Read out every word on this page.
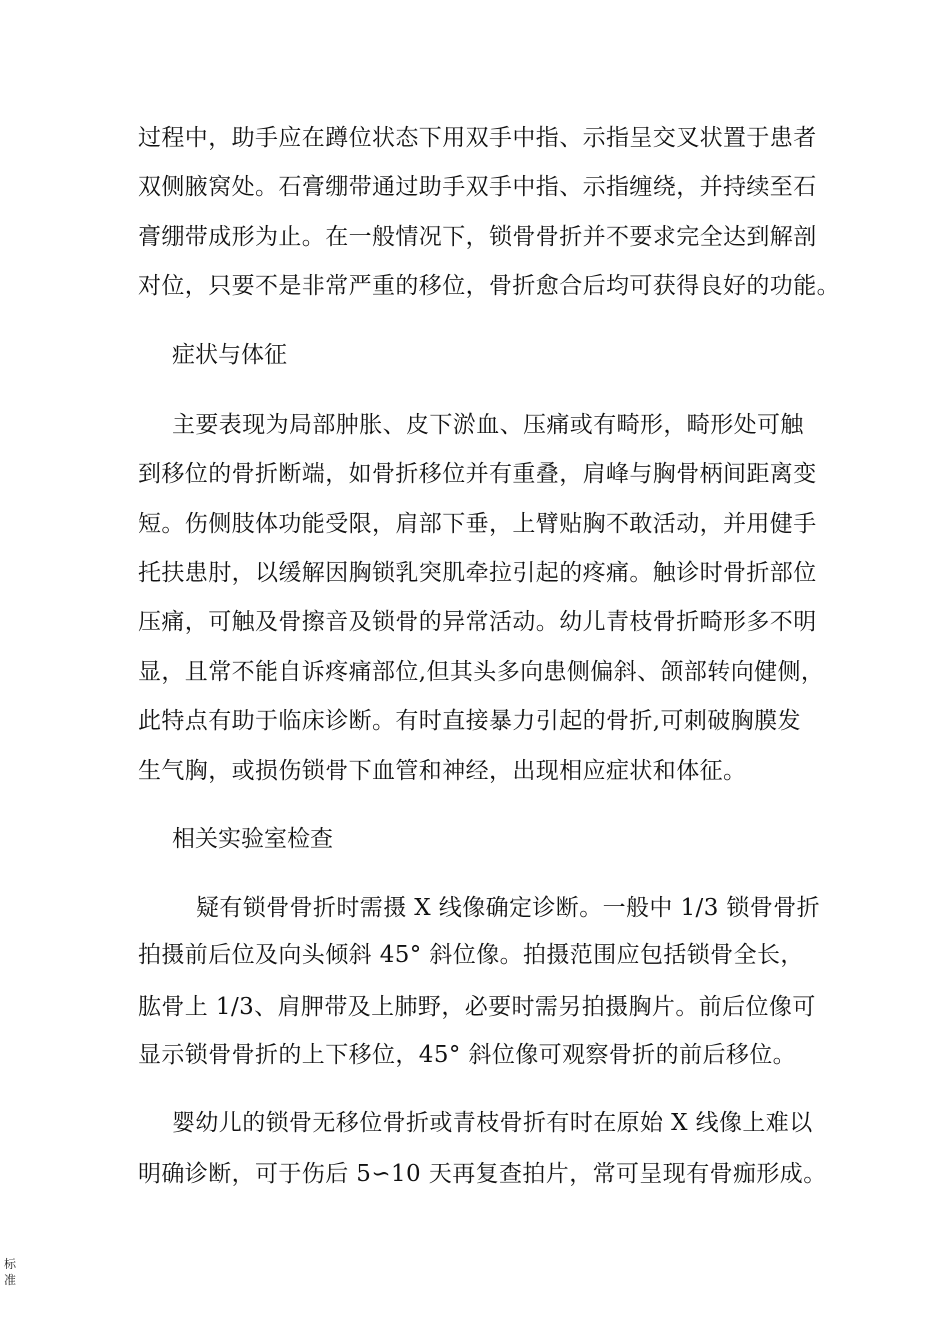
过程中，助手应在蹲位状态下用双手中指、示指呈交叉状置于患者
双侧腋窝处。石膏绷带通过助手双手中指、示指缠绕，并持续至石
膏绷带成形为止。在一般情况下，锁骨骨折并不要求完全达到解剖
对位，只要不是非常严重的移位，骨折愈合后均可获得良好的功能。
症状与体征
主要表现为局部肿胀、皮下淤血、压痛或有畸形，畸形处可触
到移位的骨折断端，如骨折移位并有重叠，肩峰与胸骨柄间距离变
短。伤侧肢体功能受限，肩部下垂，上臂贴胸不敢活动，并用健手
托扶患肘，以缓解因胸锁乳突肌牵拉引起的疼痛。触诊时骨折部位
压痛，可触及骨擦音及锁骨的异常活动。幼儿青枝骨折畸形多不明
显，且常不能自诉疼痛部位,但其头多向患侧偏斜、颌部转向健侧，
此特点有助于临床诊断。有时直接暴力引起的骨折,可刺破胸膜发
生气胸，或损伤锁骨下血管和神经，出现相应症状和体征。
相关实验室检查
疑有锁骨骨折时需摄 X 线像确定诊断。一般中 1/3 锁骨骨折
拍摄前后位及向头倾斜 45° 斜位像。拍摄范围应包括锁骨全长，
肱骨上 1/3、肩胛带及上肺野，必要时需另拍摄胸片。前后位像可
显示锁骨骨折的上下移位，45° 斜位像可观察骨折的前后移位。
婴幼儿的锁骨无移位骨折或青枝骨折有时在原始 X 线像上难以
明确诊断，可于伤后 5∽10 天再复查拍片，常可呈现有骨痂形成。
标
准
